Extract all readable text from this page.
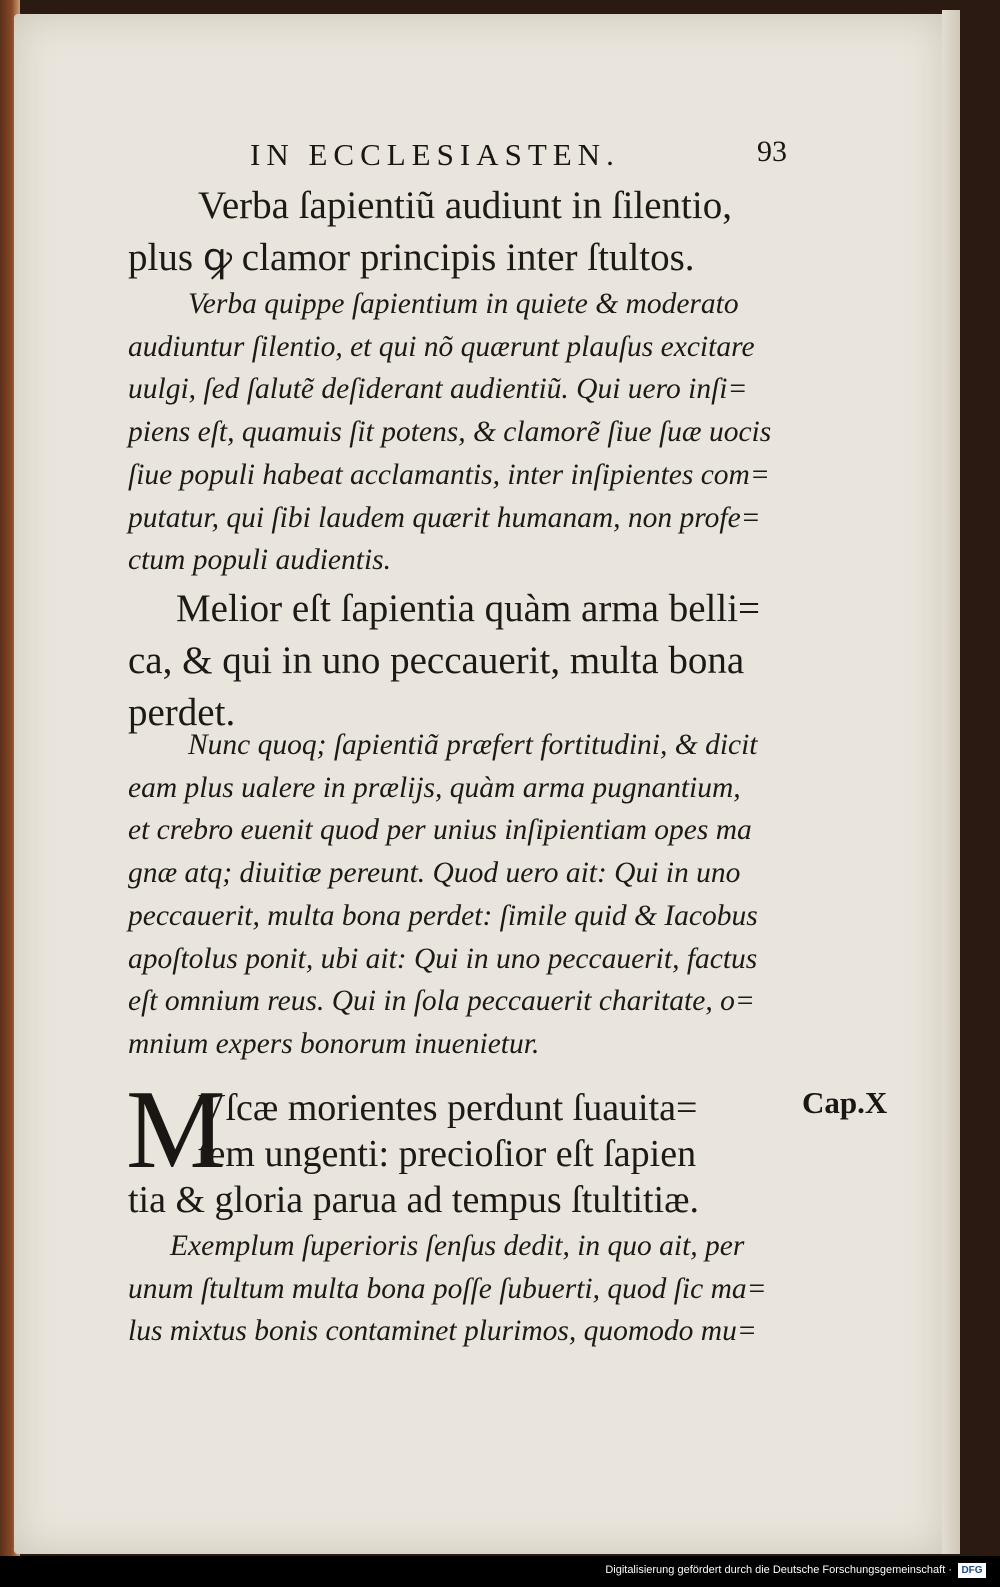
IN ECCLESIASTEN.	93
Verba ſapientiũ audiunt in ſilentio,
plus ꝙ clamor principis inter ſtultos.
Verba quippe ſapientium in quiete & moderato
audiuntur ſilentio, et qui nõ quærunt plauſus excitare
uulgi, ſed ſalutẽ deſiderant audientiũ. Qui uero inſi=
piens eſt, quamuis ſit potens, & clamorẽ ſiue ſuæ uocis
ſiue populi habeat acclamantis, inter inſipientes com=
putatur, qui ſibi laudem quærit humanam, non profe=
ctum populi audientis.
Melior eſt ſapientia quàm arma belli=
ca, & qui in uno peccauerit, multa bona
perdet.
Nunc quoq; ſapientiã præfert fortitudini, & dicit
eam plus ualere in prælijs, quàm arma pugnantium,
et crebro euenit quod per unius inſipientiam opes ma
gnæ atq; diuitiæ pereunt. Quod uero ait: Qui in uno
peccauerit, multa bona perdet: ſimile quid & Iacobus
apoſtolus ponit, ubi ait: Qui in uno peccauerit, factus
eſt omnium reus. Qui in ſola peccauerit charitate, o=
mnium expers bonorum inuenietur.
M
Vſcæ morientes perdunt ſuauita=
tem ungenti: precioſior eſt ſapien
tia & gloria parua ad tempus ſtultitiæ.
Cap.X
Exemplum ſuperioris ſenſus dedit, in quo ait, per
unum ſtultum multa bona poſſe ſubuerti, quod ſic ma=
lus mixtus bonis contaminet plurimos, quomodo mu=
Digitalisierung gefördert durch die Deutsche Forschungsgemeinschaft · DFG
